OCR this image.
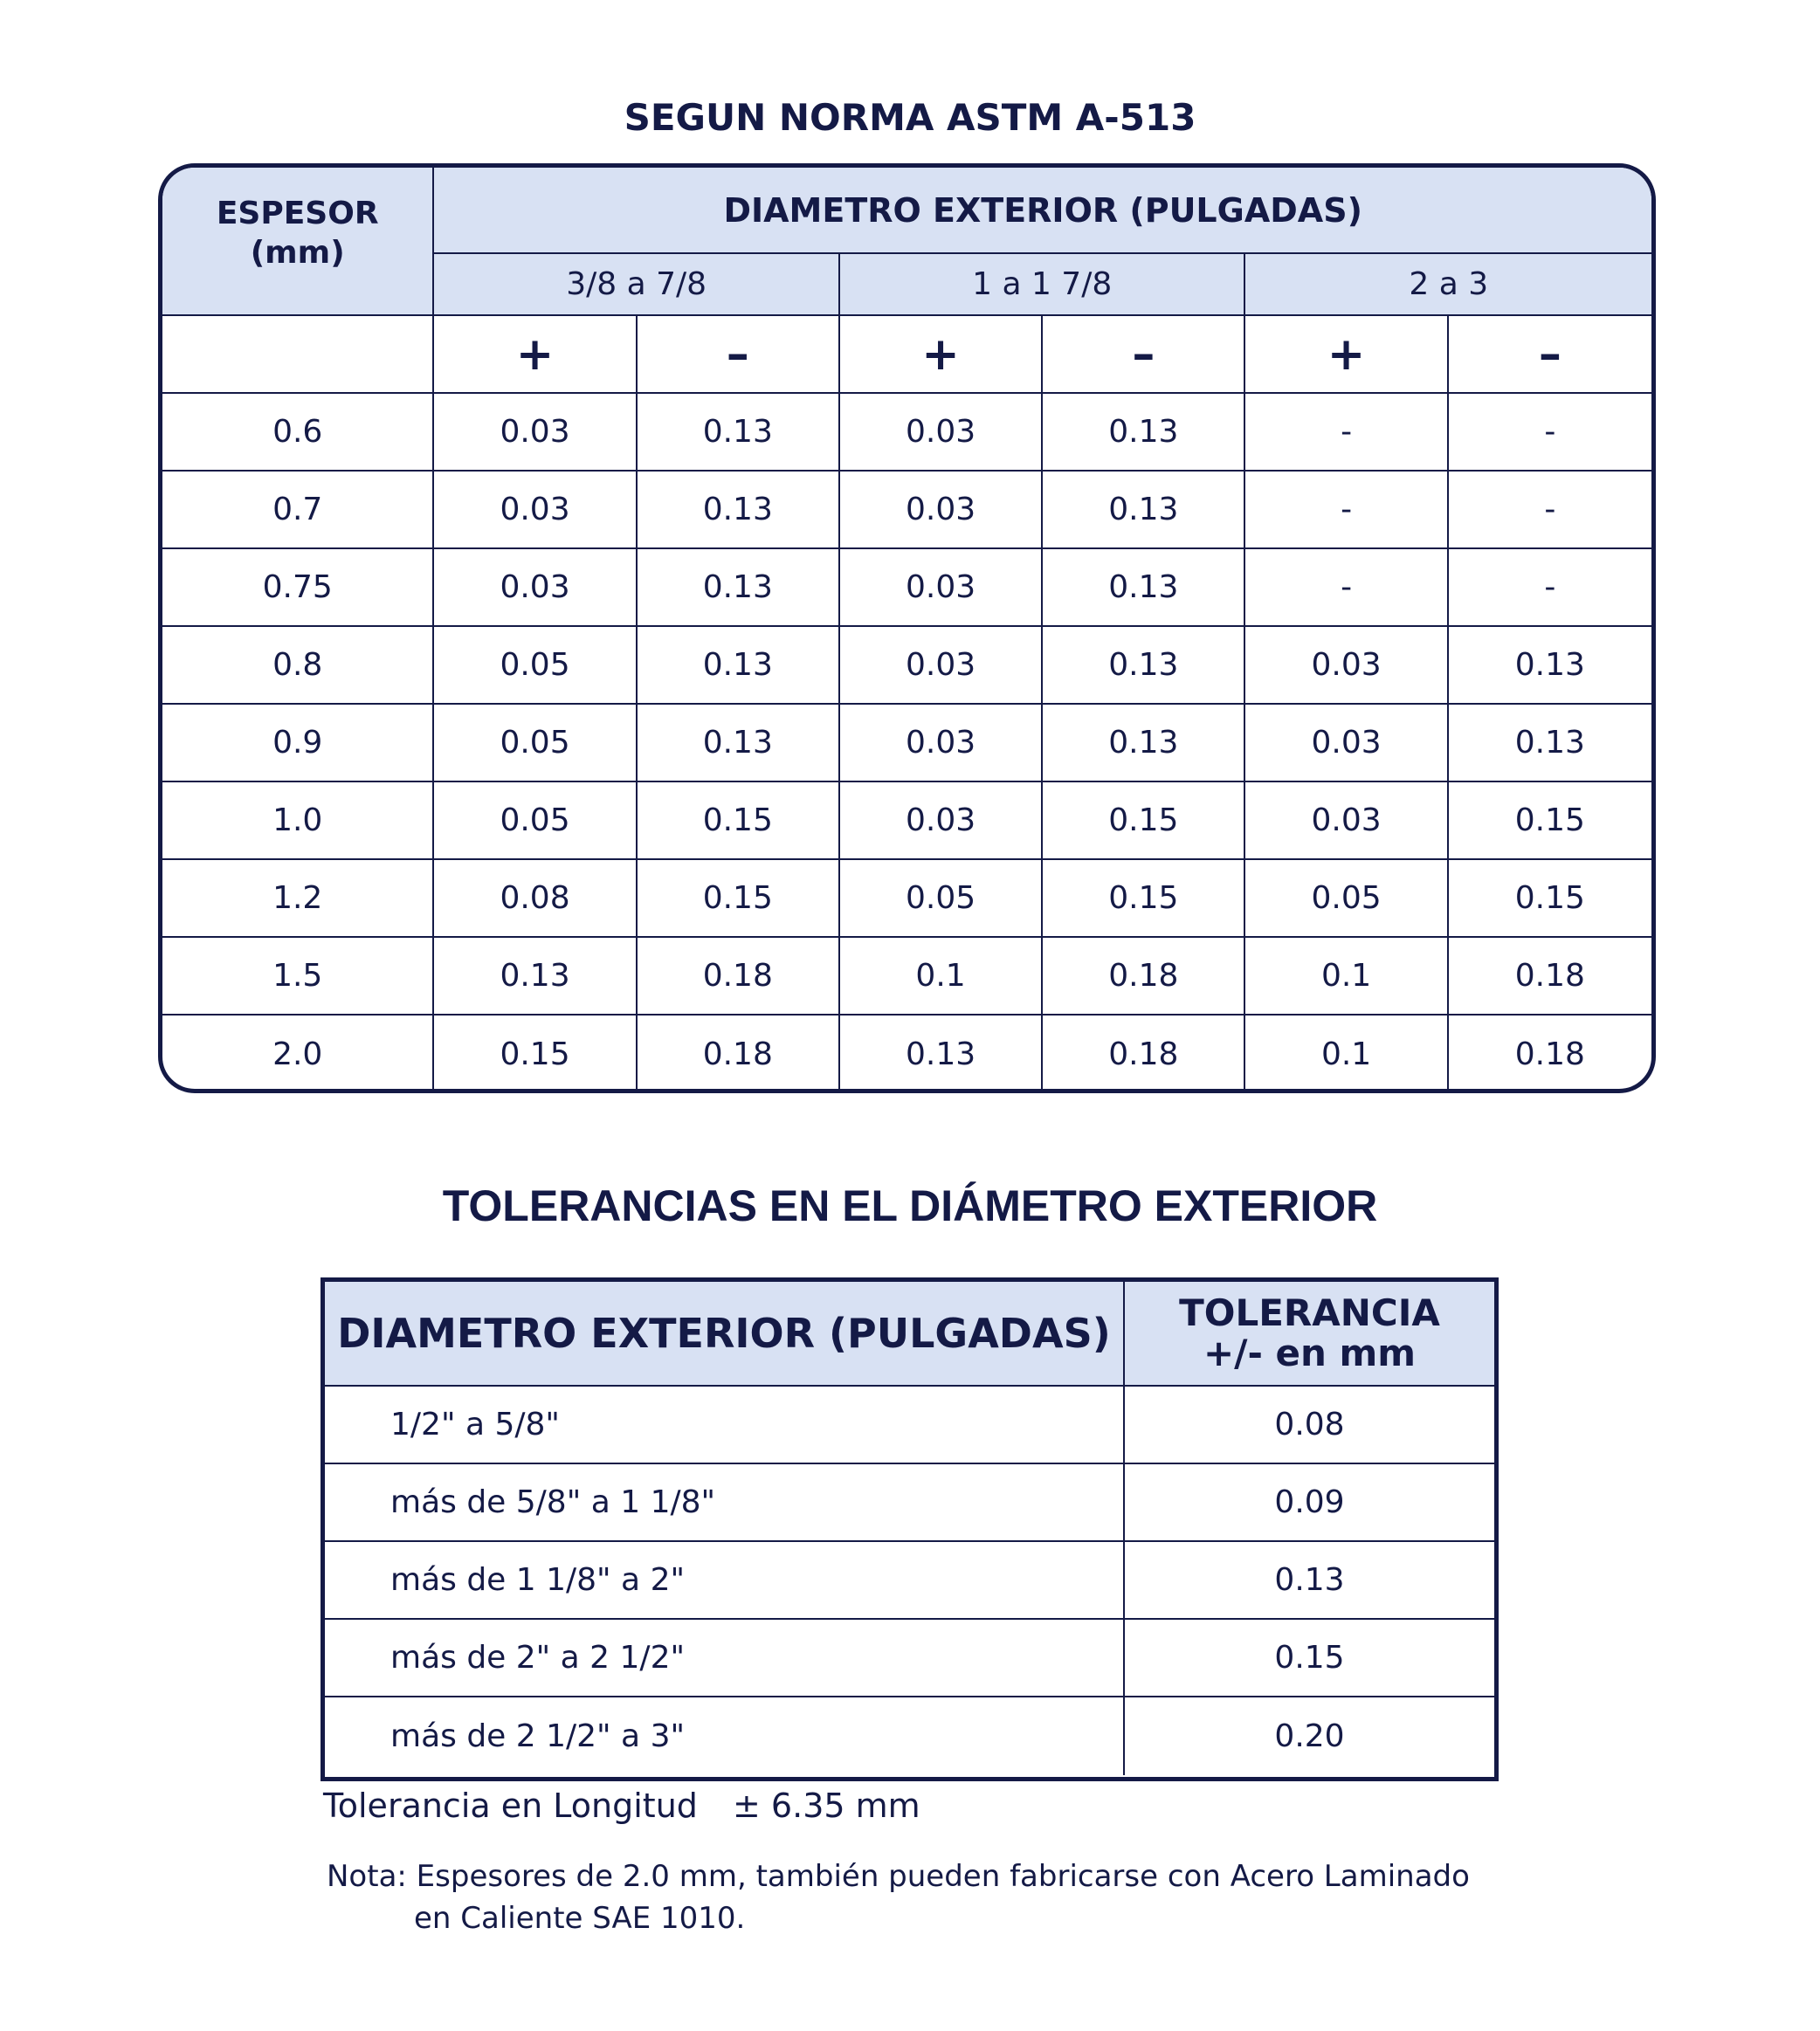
SEGUN NORMA ASTM A-513
ESPESOR
(mm)	DIAMETRO EXTERIOR (PULGADAS)					
	3/8 a 7/8		1 a 1 7/8		2 a 3	
	+	–	+	–	+	–
0.6	0.03	0.13	0.03	0.13	-	-
0.7	0.03	0.13	0.03	0.13	-	-
0.75	0.03	0.13	0.03	0.13	-	-
0.8	0.05	0.13	0.03	0.13	0.03	0.13
0.9	0.05	0.13	0.03	0.13	0.03	0.13
1.0	0.05	0.15	0.03	0.15	0.03	0.15
1.2	0.08	0.15	0.05	0.15	0.05	0.15
1.5	0.13	0.18	0.1	0.18	0.1	0.18
2.0	0.15	0.18	0.13	0.18	0.1	0.18
TOLERANCIAS EN EL DIÁMETRO EXTERIOR
DIAMETRO EXTERIOR (PULGADAS)	TOLERANCIA
+/- en mm
1/2" a 5/8"	0.08
más de 5/8" a 1 1/8"	0.09
más de 1 1/8" a 2"	0.13
más de 2" a 2 1/2"	0.15
más de 2 1/2" a 3"	0.20
Tolerancia en Longitud ± 6.35 mm
Nota: Espesores de 2.0 mm, también pueden fabricarse con Acero Laminado
en Caliente SAE 1010.
